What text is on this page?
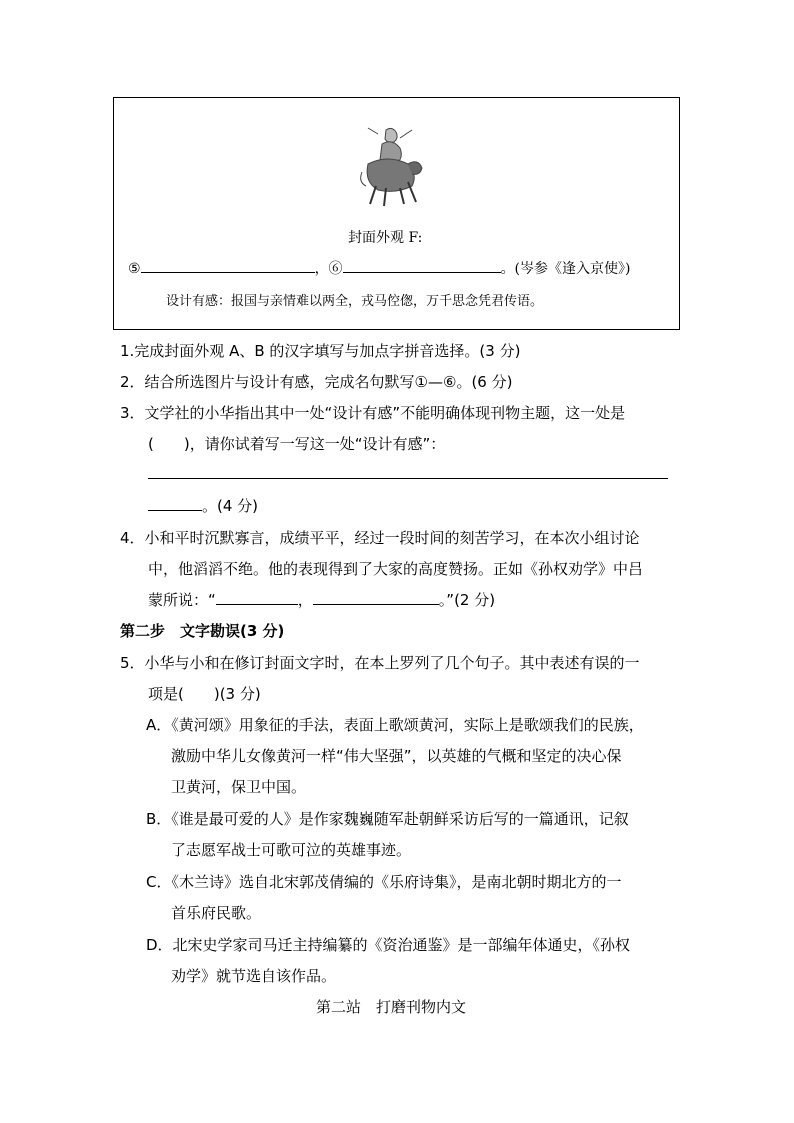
封面外观 F:
⑤	，⑥	。(岑参《逢入京使》)
设计有感：报国与亲情难以两全，戎马倥偬，万千思念凭君传语。
1.完成封面外观 A、B 的汉字填写与加点字拼音选择。(3 分)
2．结合所选图片与设计有感，完成名句默写①—⑥。(6 分)
3．文学社的小华指出其中一处“设计有感”不能明确体现刊物主题，这一处是
(　　)，请你试着写一写这一处“设计有感”：
。(4 分)
4．小和平时沉默寡言，成绩平平，经过一段时间的刻苦学习，在本次小组讨论
中，他滔滔不绝。他的表现得到了大家的高度赞扬。正如《孙权劝学》中吕
蒙所说：“	，	。”(2 分)
第二步　文字勘误(3 分)
5．小华与小和在修订封面文字时，在本上罗列了几个句子。其中表述有误的一
项是(　　)(3 分)
A．《黄河颂》用象征的手法，表面上歌颂黄河，实际上是歌颂我们的民族，
激励中华儿女像黄河一样“伟大坚强”，以英雄的气概和坚定的决心保
卫黄河，保卫中国。
B．《谁是最可爱的人》是作家魏巍随军赴朝鲜采访后写的一篇通讯，记叙
了志愿军战士可歌可泣的英雄事迹。
C．《木兰诗》选自北宋郭茂倩编的《乐府诗集》，是南北朝时期北方的一
首乐府民歌。
D．北宋史学家司马迁主持编纂的《资治通鉴》是一部编年体通史，《孙权
劝学》就节选自该作品。
第二站　打磨刊物内文
